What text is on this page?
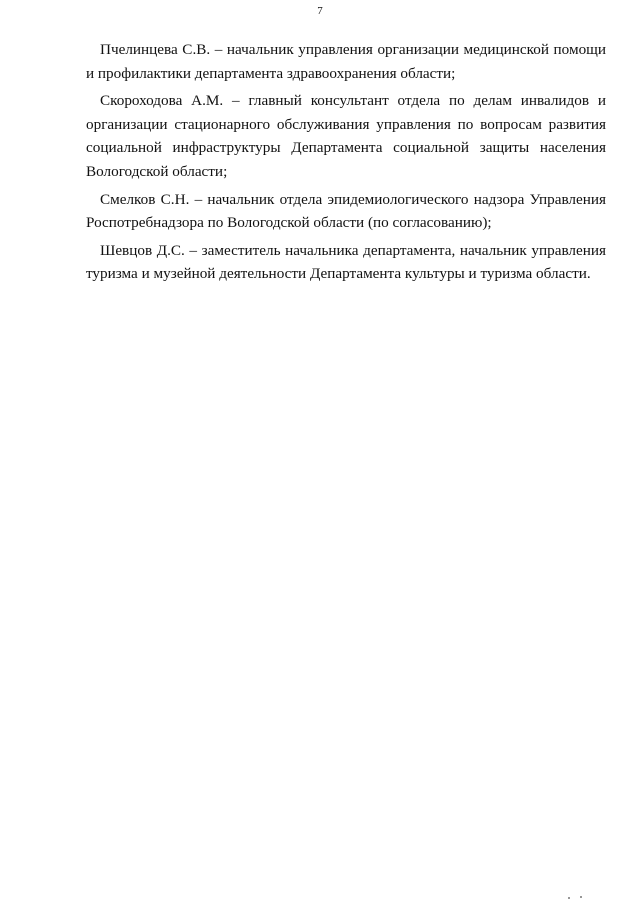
7

Пчелинцева С.В. – начальник управления организации медицинской помощи и профилактики департамента здравоохранения области;

Скороходова А.М. – главный консультант отдела по делам инвалидов и организации стационарного обслуживания управления по вопросам развития социальной инфраструктуры Департамента социальной защиты населения Вологодской области;

Смелков С.Н. – начальник отдела эпидемиологического надзора Управления Роспотребнадзора по Вологодской области (по согласованию);

Шевцов Д.С. – заместитель начальника департамента, начальник управления туризма и музейной деятельности Департамента культуры и туризма области.
